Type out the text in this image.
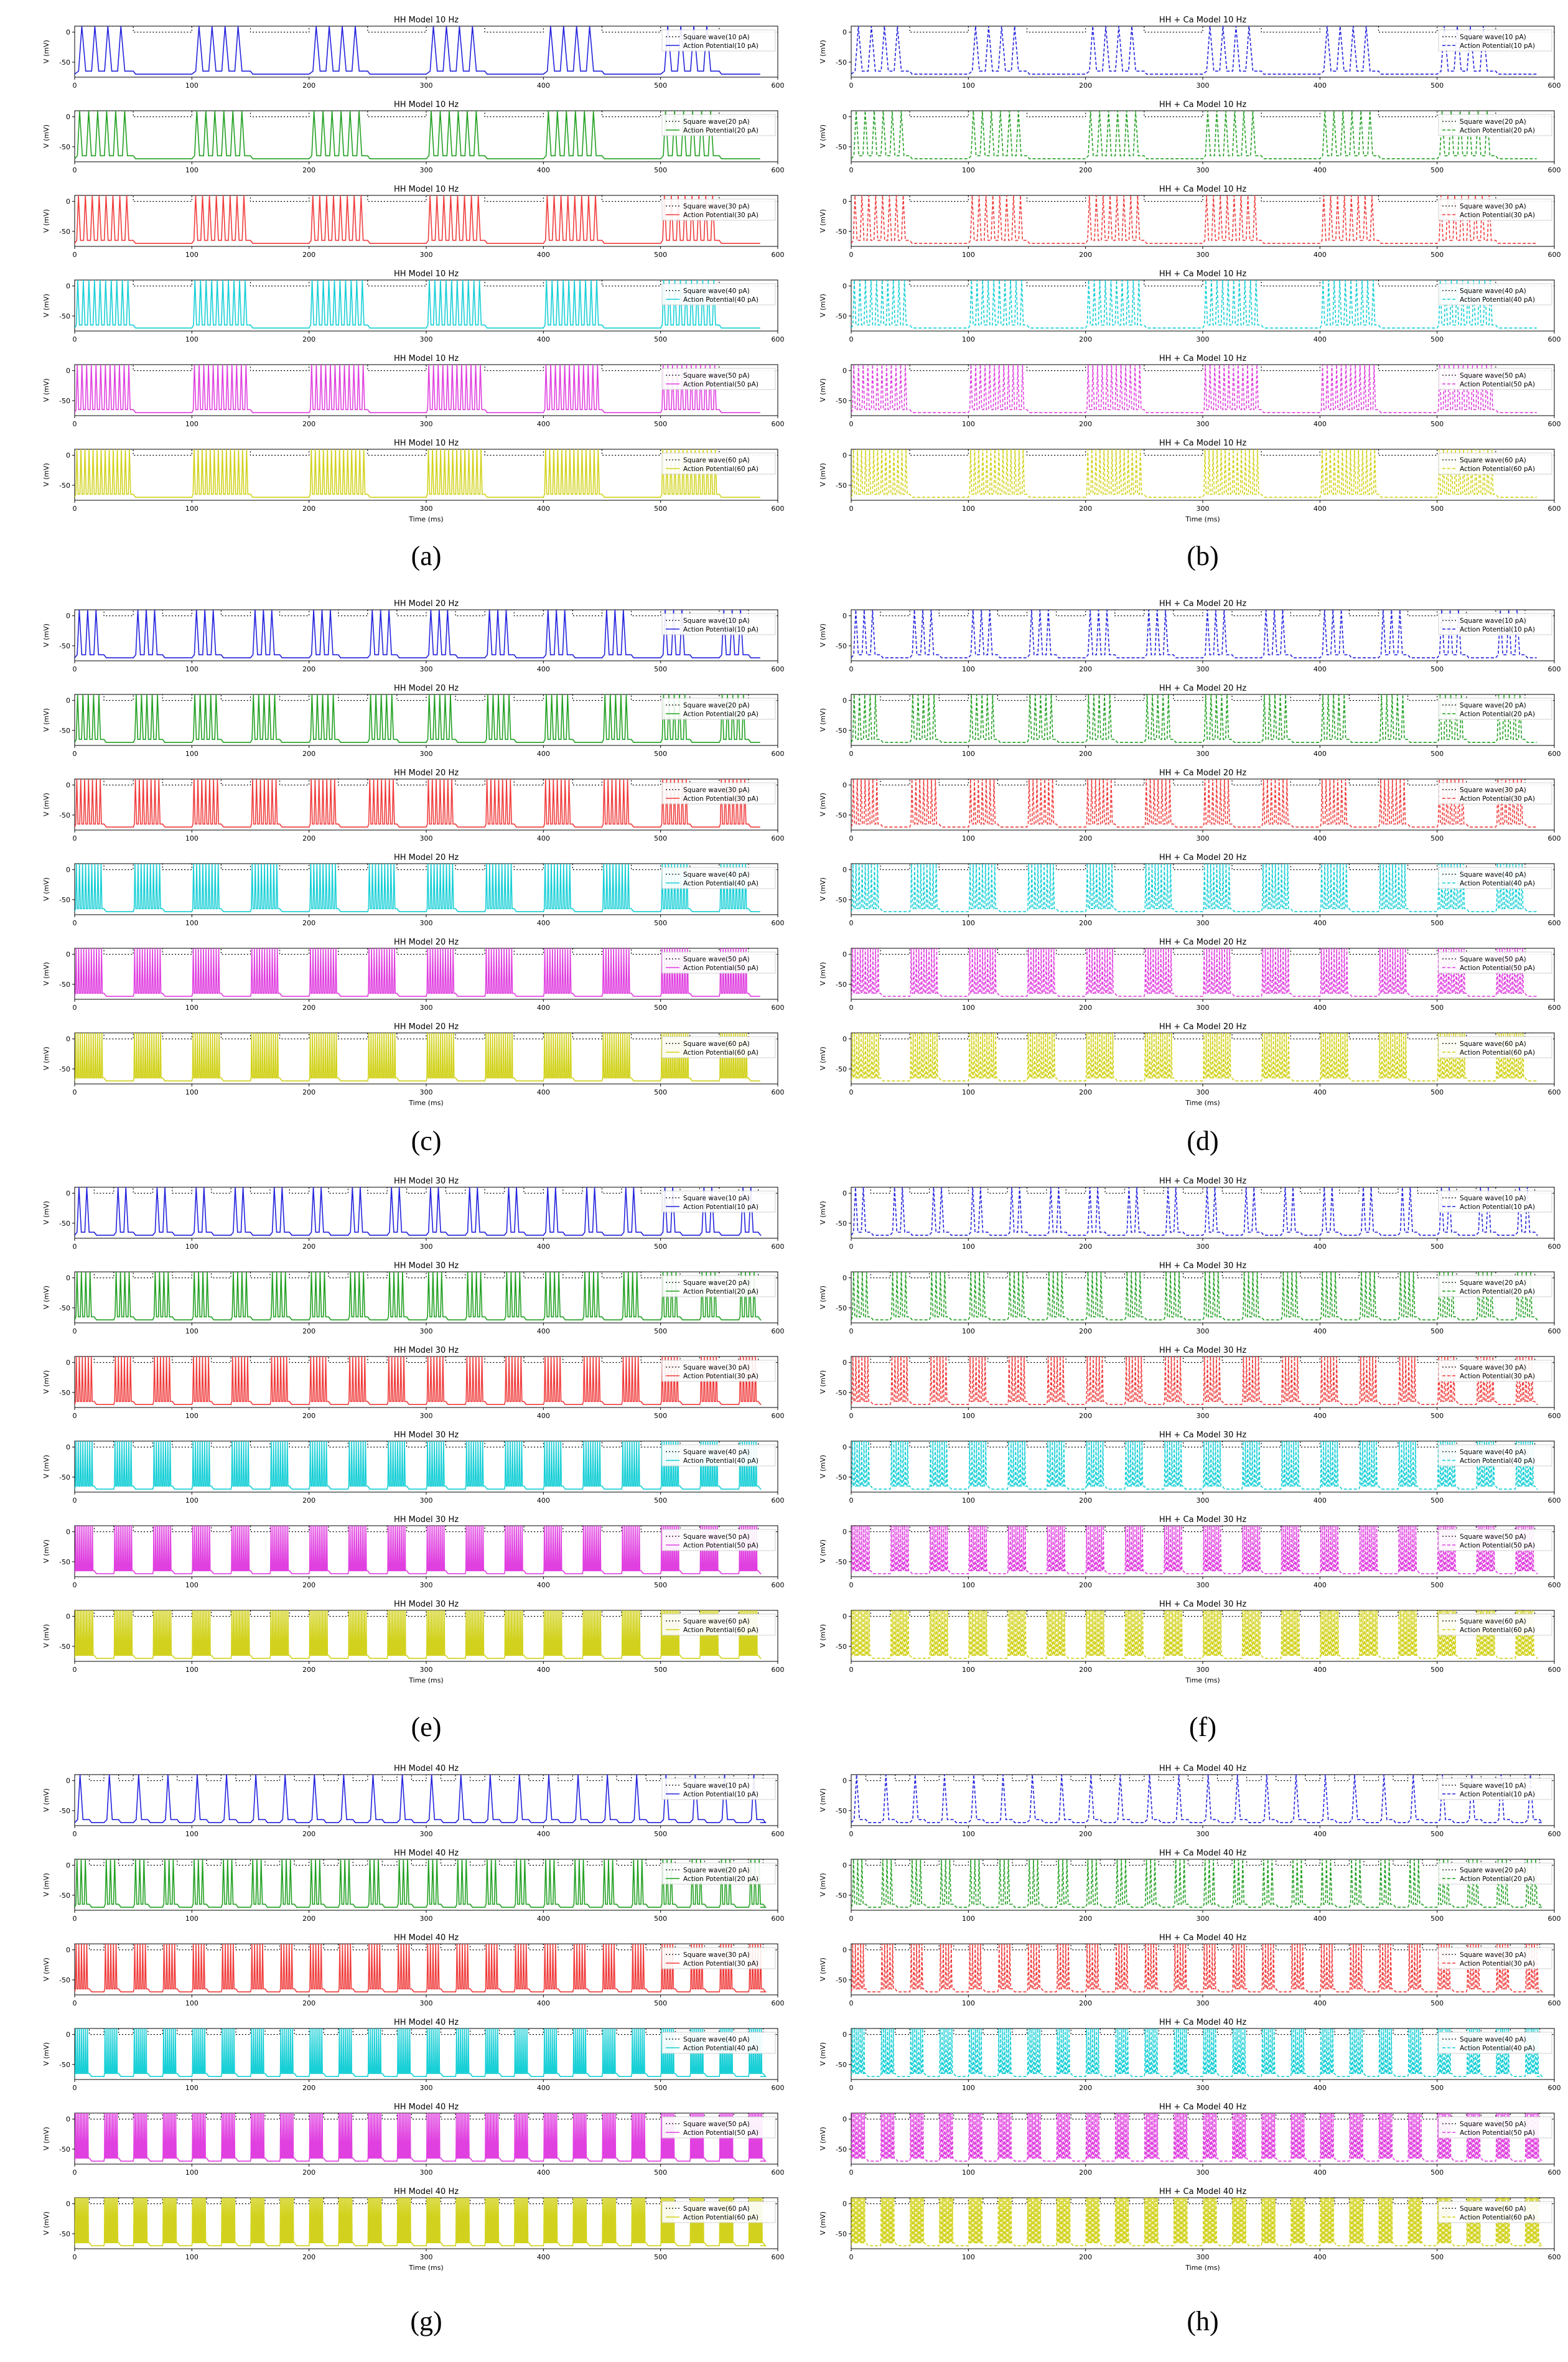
HH Model 10 Hz
0
-50
V (mV)
0	100	200	300	400	500	600
Square wave(10 pA)
Action Potential(10 pA)
HH Model 10 Hz
0
-50
V (mV)
0	100	200	300	400	500	600
Square wave(20 pA)
Action Potential(20 pA)
HH Model 10 Hz
0
-50
V (mV)
0	100	200	300	400	500	600
Square wave(30 pA)
Action Potential(30 pA)
HH Model 10 Hz
0
-50
V (mV)
0	100	200	300	400	500	600
Square wave(40 pA)
Action Potential(40 pA)
HH Model 10 Hz
0
-50
V (mV)
0	100	200	300	400	500	600
Square wave(50 pA)
Action Potential(50 pA)
HH Model 10 Hz
0
-50
V (mV)
0	100	200	300	400	500	600
Square wave(60 pA)
Action Potential(60 pA)
Time (ms)
(a)
HH + Ca Model 10 Hz
0
-50
V (mV)
0	100	200	300	400	500	600
Square wave(10 pA)
Action Potential(10 pA)
HH + Ca Model 10 Hz
0
-50
V (mV)
0	100	200	300	400	500	600
Square wave(20 pA)
Action Potential(20 pA)
HH + Ca Model 10 Hz
0
-50
V (mV)
0	100	200	300	400	500	600
Square wave(30 pA)
Action Potential(30 pA)
HH + Ca Model 10 Hz
0
-50
V (mV)
0	100	200	300	400	500	600
Square wave(40 pA)
Action Potential(40 pA)
HH + Ca Model 10 Hz
0
-50
V (mV)
0	100	200	300	400	500	600
Square wave(50 pA)
Action Potential(50 pA)
HH + Ca Model 10 Hz
0
-50
V (mV)
0	100	200	300	400	500	600
Square wave(60 pA)
Action Potential(60 pA)
Time (ms)
(b)
HH Model 20 Hz
0
-50
V (mV)
0	100	200	300	400	500	600
Square wave(10 pA)
Action Potential(10 pA)
HH Model 20 Hz
0
-50
V (mV)
0	100	200	300	400	500	600
Square wave(20 pA)
Action Potential(20 pA)
HH Model 20 Hz
0
-50
V (mV)
0	100	200	300	400	500	600
Square wave(30 pA)
Action Potential(30 pA)
HH Model 20 Hz
0
-50
V (mV)
0	100	200	300	400	500	600
Square wave(40 pA)
Action Potential(40 pA)
HH Model 20 Hz
0
-50
V (mV)
0	100	200	300	400	500	600
Square wave(50 pA)
Action Potential(50 pA)
HH Model 20 Hz
0
-50
V (mV)
0	100	200	300	400	500	600
Square wave(60 pA)
Action Potential(60 pA)
Time (ms)
(c)
HH + Ca Model 20 Hz
0
-50
V (mV)
0	100	200	300	400	500	600
Square wave(10 pA)
Action Potential(10 pA)
HH + Ca Model 20 Hz
0
-50
V (mV)
0	100	200	300	400	500	600
Square wave(20 pA)
Action Potential(20 pA)
HH + Ca Model 20 Hz
0
-50
V (mV)
0	100	200	300	400	500	600
Square wave(30 pA)
Action Potential(30 pA)
HH + Ca Model 20 Hz
0
-50
V (mV)
0	100	200	300	400	500	600
Square wave(40 pA)
Action Potential(40 pA)
HH + Ca Model 20 Hz
0
-50
V (mV)
0	100	200	300	400	500	600
Square wave(50 pA)
Action Potential(50 pA)
HH + Ca Model 20 Hz
0
-50
V (mV)
0	100	200	300	400	500	600
Square wave(60 pA)
Action Potential(60 pA)
Time (ms)
(d)
HH Model 30 Hz
0
-50
V (mV)
0	100	200	300	400	500	600
Square wave(10 pA)
Action Potential(10 pA)
HH Model 30 Hz
0
-50
V (mV)
0	100	200	300	400	500	600
Square wave(20 pA)
Action Potential(20 pA)
HH Model 30 Hz
0
-50
V (mV)
0	100	200	300	400	500	600
Square wave(30 pA)
Action Potential(30 pA)
HH Model 30 Hz
0
-50
V (mV)
0	100	200	300	400	500	600
Square wave(40 pA)
Action Potential(40 pA)
HH Model 30 Hz
0
-50
V (mV)
0	100	200	300	400	500	600
Square wave(50 pA)
Action Potential(50 pA)
HH Model 30 Hz
0
-50
V (mV)
0	100	200	300	400	500	600
Square wave(60 pA)
Action Potential(60 pA)
Time (ms)
(e)
HH + Ca Model 30 Hz
0
-50
V (mV)
0	100	200	300	400	500	600
Square wave(10 pA)
Action Potential(10 pA)
HH + Ca Model 30 Hz
0
-50
V (mV)
0	100	200	300	400	500	600
Square wave(20 pA)
Action Potential(20 pA)
HH + Ca Model 30 Hz
0
-50
V (mV)
0	100	200	300	400	500	600
Square wave(30 pA)
Action Potential(30 pA)
HH + Ca Model 30 Hz
0
-50
V (mV)
0	100	200	300	400	500	600
Square wave(40 pA)
Action Potential(40 pA)
HH + Ca Model 30 Hz
0
-50
V (mV)
0	100	200	300	400	500	600
Square wave(50 pA)
Action Potential(50 pA)
HH + Ca Model 30 Hz
0
-50
V (mV)
0	100	200	300	400	500	600
Square wave(60 pA)
Action Potential(60 pA)
Time (ms)
(f)
HH Model 40 Hz
0
-50
V (mV)
0	100	200	300	400	500	600
Square wave(10 pA)
Action Potential(10 pA)
HH Model 40 Hz
0
-50
V (mV)
0	100	200	300	400	500	600
Square wave(20 pA)
Action Potential(20 pA)
HH Model 40 Hz
0
-50
V (mV)
0	100	200	300	400	500	600
Square wave(30 pA)
Action Potential(30 pA)
HH Model 40 Hz
0
-50
V (mV)
0	100	200	300	400	500	600
Square wave(40 pA)
Action Potential(40 pA)
HH Model 40 Hz
0
-50
V (mV)
0	100	200	300	400	500	600
Square wave(50 pA)
Action Potential(50 pA)
HH Model 40 Hz
0
-50
V (mV)
0	100	200	300	400	500	600
Square wave(60 pA)
Action Potential(60 pA)
Time (ms)
(g)
HH + Ca Model 40 Hz
0
-50
V (mV)
0	100	200	300	400	500	600
Square wave(10 pA)
Action Potential(10 pA)
HH + Ca Model 40 Hz
0
-50
V (mV)
0	100	200	300	400	500	600
Square wave(20 pA)
Action Potential(20 pA)
HH + Ca Model 40 Hz
0
-50
V (mV)
0	100	200	300	400	500	600
Square wave(30 pA)
Action Potential(30 pA)
HH + Ca Model 40 Hz
0
-50
V (mV)
0	100	200	300	400	500	600
Square wave(40 pA)
Action Potential(40 pA)
HH + Ca Model 40 Hz
0
-50
V (mV)
0	100	200	300	400	500	600
Square wave(50 pA)
Action Potential(50 pA)
HH + Ca Model 40 Hz
0
-50
V (mV)
0	100	200	300	400	500	600
Square wave(60 pA)
Action Potential(60 pA)
Time (ms)
(h)
